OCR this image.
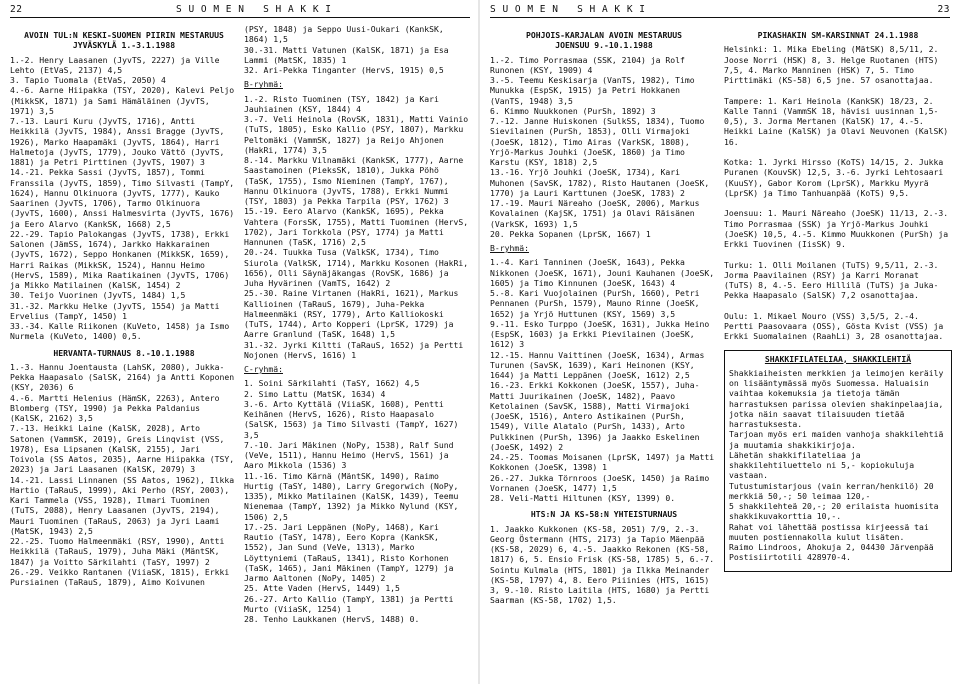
22	S U O M E N   S H A K K I

AVOIN TUL:N KESKI-SUOMEN PIIRIN MESTARUUS
JYVÄSKYLÄ 1.-3.1.1988

1.-2. Henry Laasanen (JyvTS, 2227) ja Ville Lehto (EtVaS, 2137) 4,5
3. Tapio Tuomala (EtVaS, 2050) 4
4.-6. Aarne Hiipakka (TSY, 2020), Kalevi Peljo (MikkSK, 1871) ja Sami Hämäläinen (JyvTS, 1971) 3,5
7.-13. Lauri Kuru (JyvTS, 1716), Antti Heikkilä (JyvTS, 1984), Anssi Bragge (JyvTS, 1926), Marko Haapamäki (JyvTS, 1864), Harri Halmetoja (JyvTS, 1779), Jouko Vättö (JyvTS, 1881) ja Petri Pirttinen (JyvTS, 1907) 3
14.-21. Pekka Sassi (JyvTS, 1857), Tommi Franssila (JyvTS, 1859), Timo Silvasti (TampY, 1624), Hannu Olkinuora (JyvTS, 1777), Kauko Saarinen (JyvTS, 1706), Tarmo Olkinuora (JyvTS, 1600), Anssi Halmesvirta (JyvTS, 1676) ja Eero Alarvo (KankSK, 1668) 2,5
22.-29. Tapio Palokangas (JyvTS, 1738), Erkki Salonen (JämSS, 1674), Jarkko Hakkarainen (JyvTS, 1672), Seppo Honkanen (MikkSK, 1659), Harri Raikas (MikkSK, 1524), Hannu Heimo (HervS, 1589), Mika Raatikainen (JyvTS, 1706) ja Mikko Matilainen (KalSK, 1454) 2
30. Teijo Vuorinen (JyvTS, 1484) 1,5
31.-32. Markku Helke (JyvTS, 1554) ja Matti Ervelius (TampY, 1450) 1
33.-34. Kalle Riikonen (KuVeto, 1458) ja Ismo Nurmela (KuVeto, 1400) 0,5.

HERVANTA-TURNAUS 8.-10.1.1988

1.-3. Hannu Joentausta (LahSK, 2080), Jukka-Pekka Haapasalo (SalSK, 2164) ja Antti Koponen (KSY, 2036) 6
4.-6. Martti Helenius (HämSK, 2263), Antero Blomberg (TSY, 1990) ja Pekka Paldanius (KalSK, 2162) 3,5
7.-13. Heikki Laine (KalSK, 2028), Arto Satonen (VammSK, 2019), Greis Linqvist (VSS, 1978), Esa Lipsanen (KalSK, 2155), Jari Toivola (SS Aatos, 2035), Aarne Hiipakka (TSY, 2023) ja Jari Laasanen (KalSK, 2079) 3
14.-21. Lassi Linnanen (SS Aatos, 1962), Ilkka Hartio (TaRauS, 1999), Aki Perho (RSY, 2003), Kari Tammela (VSS, 1928), Ilmari Tuominen (TuTS, 2088), Henry Laasanen (JyvTS, 2194), Mauri Tuominen (TaRauS, 2063) ja Jyri Laami (MatSK, 1943) 2,5
22.-25. Tuomo Halmeenmäki (RSY, 1990), Antti Heikkilä (TaRauS, 1979), Juha Mäki (MäntSK, 1847) ja Voitto Särkilahti (TaSY, 1997) 2
26.-29. Veikko Rantanen (ViiaSK, 1815), Erkki Pursiainen (TaRauS, 1879), Aimo Koivunen

(PSY, 1848) ja Seppo Uusi-Oukari (KankSK, 1864) 1,5
30.-31. Matti Vatunen (KalSK, 1871) ja Esa Lammi (MatSK, 1835) 1
32. Ari-Pekka Tinganter (HervS, 1915) 0,5

B-ryhmä:

1.-2. Risto Tuominen (TSY, 1842) ja Kari Jauhiainen (KSY, 1844) 4
3.-7. Veli Heinola (RovSK, 1831), Matti Vainio (TuTS, 1805), Esko Kallio (PSY, 1807), Markku Peltomäki (VammSK, 1827) ja Reijo Ahjonen (HakRi, 1774) 3,5
8.-14. Markku Vilnamäki (KankSK, 1777), Aarne Saastamoinen (PieksSK, 1810), Jukka Pöhö (TaSK, 1755), Ismo Nieminen (TampY, 1767), Hannu Olkinuora (JyvTS, 1788), Erkki Nummi (TSY, 1803) ja Pekka Tarpila (PSY, 1762) 3
15.-19. Eero Alarvo (KankSK, 1695), Pekka Vahtera (ForsSK, 1755), Matti Tuominen (HervS, 1702), Jari Torkkola (PSY, 1774) ja Matti Hannunen (TaSK, 1716) 2,5
20.-24. Tuukka Tusa (ValkSK, 1734), Timo Siurola (ValkSK, 1714), Markku Kosonen (HakRi, 1656), Olli Säynäjäkangas (RovSK, 1686) ja Juha Hyvärinen (VamTS, 1642) 2
25.-30. Raine Virtanen (HakRi, 1621), Markus Kallioinen (TaRauS, 1679), Juha-Pekka Halmeenmäki (RSY, 1779), Arto Kalliokoski (TuTS, 1744), Arto Kopperi (LprSK, 1729) ja Aarre Granlund (TaSK, 1648) 1,5
31.-32. Jyrki Kiltti (TaRauS, 1652) ja Pertti Nojonen (HervS, 1616) 1

C-ryhmä:

1. Soini Särkilahti (TaSY, 1662) 4,5
2. Simo Lattu (MatSK, 1634) 4
3.-6. Arto Kyttälä (ViiaSK, 1608), Pentti Keihänen (HervS, 1626), Risto Haapasalo (SalSK, 1563) ja Timo Silvasti (TampY, 1627) 3,5
7.-10. Jari Mäkinen (NoPy, 1538), Ralf Sund (VeVe, 1511), Hannu Heimo (HervS, 1561) ja Aaro Mikkola (1536) 3
11.-16. Timo Kärnä (MäntSK, 1490), Raimo Hurtig (TaSY, 1480), Larry Gregorwich (NoPy, 1335), Mikko Matilainen (KalSK, 1439), Teemu Nienemaa (TampY, 1392) ja Mikko Nylund (KSY, 1506) 2,5
17.-25. Jari Leppänen (NoPy, 1468), Kari Rautio (TaSY, 1478), Eero Kopra (KankSK, 1552), Jan Sund (VeVe, 1313), Marko Löyttyniemi (TaRauS, 1341), Risto Korhonen (TaSK, 1465), Jani Mäkinen (TampY, 1279) ja Jarmo Aaltonen (NoPy, 1405) 2
25. Atte Vaden (HervS, 1449) 1,5
26.-27. Arto Kallio (TampY, 1381) ja Pertti Murto (ViiaSK, 1254) 1
28. Tenho Laukkanen (HervS, 1488) 0.

S U O M E N   S H A K K I	23

POHJOIS-KARJALAN AVOIN MESTARUUS
JOENSUU 9.-10.1.1988

1.-2. Timo Porrasmaa (SSK, 2104) ja Rolf Runonen (KSY, 1909) 4
3.-5. Teemu Keskisarja (VanTS, 1982), Timo Munukka (EspSK, 1915) ja Petri Hokkanen (VanTS, 1948) 3,5
6. Kimmo Nuukkonen (PurSh, 1892) 3
7.-12. Janne Huiskonen (SulkSS, 1834), Tuomo Sievilainen (PurSh, 1853), Olli Virmajoki (JoeSK, 1812), Timo Airas (VarkSK, 1808), Yrjö-Markus Jouhki (JoeSK, 1860) ja Timo Karstu (KSY, 1818) 2,5
13.-16. Yrjö Jouhki (JoeSK, 1734), Kari Muhonen (SavSK, 1782), Risto Hautanen (JoeSK, 1770) ja Lauri Karttunen (JoeSK, 1783) 2
17.-19. Mauri Näreaho (JoeSK, 2006), Markus Kovalainen (KajSK, 1751) ja Olavi Räisänen (VarkSK, 1693) 1,5
20. Pekka Sopanen (LprSK, 1667) 1

B-ryhmä:

1.-4. Kari Tanninen (JoeSK, 1643), Pekka Nikkonen (JoeSK, 1671), Jouni Kauhanen (JoeSK, 1605) ja Timo Kinnunen (JoeSK, 1643) 4
5.-8. Kari Vuojolainen (PurSh, 1660), Petri Pennanen (PurSh, 1579), Mauno Rinne (JoeSK, 1652) ja Yrjö Huttunen (KSY, 1569) 3,5
9.-11. Esko Turppo (JoeSK, 1631), Jukka Heino (EspSK, 1603) ja Erkki Pievilainen (JoeSK, 1612) 3
12.-15. Hannu Vaittinen (JoeSK, 1634), Armas Turunen (SavSK, 1639), Kari Heinonen (KSY, 1644) ja Matti Leppänen (JoeSK, 1612) 2,5
16.-23. Erkki Kokkonen (JoeSK, 1557), Juha-Matti Juurikainen (JoeSK, 1482), Paavo Ketolainen (SavSK, 1588), Matti Virmajoki (JoeSK, 1516), Antero Astikainen (PurSh, 1549), Ville Alatalo (PurSh, 1433), Arto Pulkkinen (PurSh, 1396) ja Jaakko Eskelinen (JoeSK, 1492) 2
24.-25. Toomas Moisanen (LprSK, 1497) ja Matti Kokkonen (JoeSK, 1398) 1
26.-27. Jukka Törnroos (JoeSK, 1450) ja Raimo Vornanen (JoeSK, 1477) 1,5
28. Veli-Matti Hiltunen (KSY, 1399) 0.

HTS:N JA KS-58:N YHTEISTURNAUS

1. Jaakko Kukkonen (KS-58, 2051) 7/9, 2.-3. Georg Östermann (HTS, 2173) ja Tapio Mäenpää (KS-58, 2029) 6, 4.-5. Jaakko Rekonen (KS-58, 1817) 6, 5. Ensio Frisk (KS-58, 1785) 5, 6.-7. Sointu Kulmala (HTS, 1801) ja Ilkka Meinander (KS-58, 1797) 4, 8. Eero Piiinies (HTS, 1615) 3, 9.-10. Risto Laitila (HTS, 1680) ja Pertti Saarman (KS-58, 1702) 1,5.

PIKASHAKIN SM-KARSINNAT 24.1.1988

Helsinki: 1. Mika Ebeling (MätSK) 8,5/11, 2. Joose Norri (HSK) 8, 3. Helge Ruotanen (HTS) 7,5, 4. Marko Manninen (HSK) 7, 5. Timo Pirttimäki (KS-58) 6,5 jne. 57 osanottajaa.

Tampere: 1. Kari Heinola (KankSK) 18/23, 2. Kalle Tanni (VammSK 18, hävisi uusinnan 1,5-0,5), 3. Jorma Mertanen (KalSK) 17, 4.-5. Heikki Laine (KalSK) ja Olavi Neuvonen (KalSK) 16.

Kotka: 1. Jyrki Hirsso (KoTS) 14/15, 2. Jukka Puranen (KouvSK) 12,5, 3.-6. Jyrki Lehtosaari (KuuSY), Gabor Korom (LprSK), Markku Myyrä (LprSK) ja Timo Tanhuanpää (KoTS) 9,5.

Joensuu: 1. Mauri Näreaho (JoeSK) 11/13, 2.-3. Timo Porrasmaa (SSK) ja Yrjö-Markus Jouhki (JoeSK) 10,5, 4.-5. Kimmo Muukkonen (PurSh) ja Erkki Tuovinen (IisSK) 9.

Turku: 1. Olli Moilanen (TuTS) 9,5/11, 2.-3. Jorma Paavilainen (RSY) ja Karri Moranat (TuTS) 8, 4.-5. Eero Hillilä (TuTS) ja Juka-Pekka Haapasalo (SalSK) 7,2 osanottajaa.

Oulu: 1. Mikael Nouro (VSS) 3,5/5, 2.-4. Pertti Paasovaara (OSS), Gösta Kvist (VSS) ja Erkki Suomalainen (RaahLi) 3, 28 osanottajaa.

SHAKKIFILATELIAA, SHAKKILEHTIÄ

Shakkiaiheisten merkkien ja leimojen keräily on lisääntymässä myös Suomessa. Haluaisin vaihtaa kokemuksia ja tietoja tämän harrastuksen parissa olevien shakinpelaajia, jotka näin saavat tilaisuuden tietää harrastuksesta.
Tarjoan myös eri maiden vanhoja shakkilehtiä ja muutamia shakkikirjoja.
Lähetän shakkifilateliaa ja shakkilehtiluettelo ni 5,- kopiokuluja vastaan.
Tutustumistarjous (vain kerran/henkilö) 20 merkkiä 50,-; 50 leimaa 120,-
5 shakkilehteä 20,-; 20 erilaista huomisita shakkikuvakorttia 10,-.
Rahat voi lähettää postissa kirjeessä tai muuten postiennakolla kulut lisäten.
Raimo Lindroos, Ahokuja 2, 04430 Järvenpää Postisiirtotili 428970-4.
